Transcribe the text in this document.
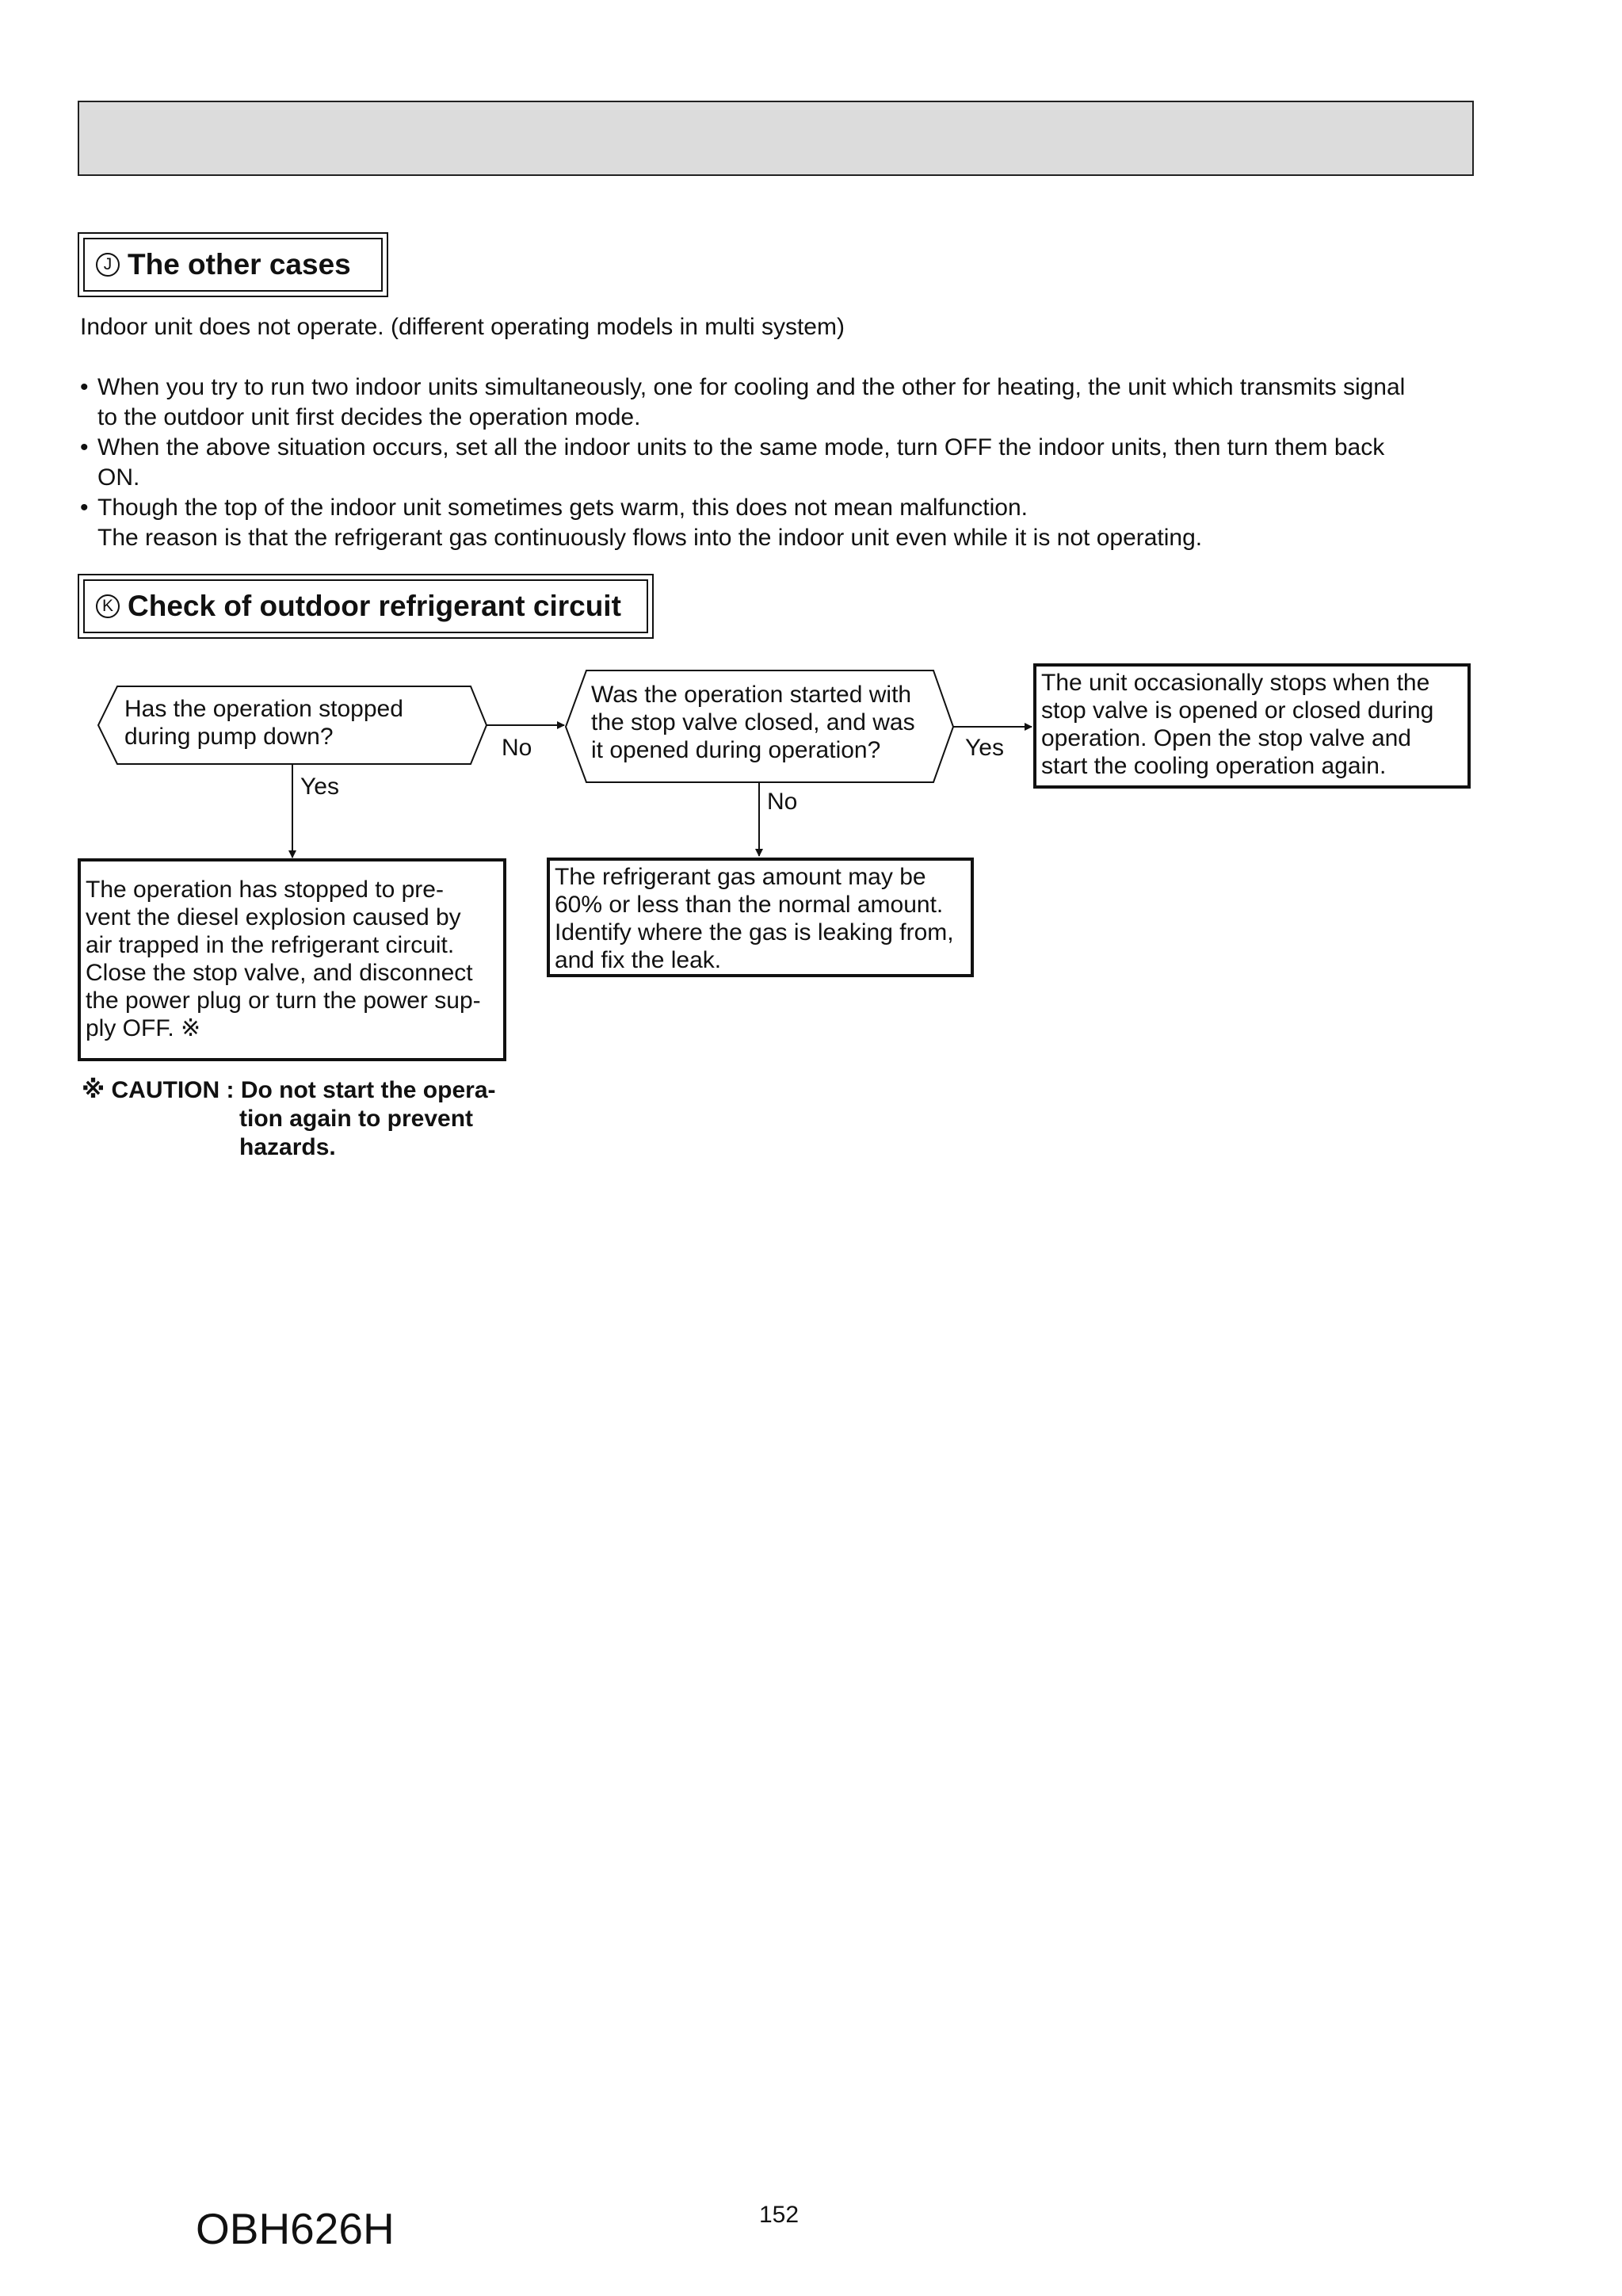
J The other cases
Indoor unit does not operate. (different operating models in multi system)
• When you try to run two indoor units simultaneously, one for cooling and the other for heating, the unit which transmits signal
to the outdoor unit first decides the operation mode.
• When the above situation occurs, set all the indoor units to the same mode, turn OFF the indoor units, then turn them back
ON.
• Though the top of the indoor unit sometimes gets warm, this does not mean malfunction.
The reason is that the refrigerant gas continuously flows into the indoor unit even while it is not operating.
K Check of outdoor refrigerant circuit
Has the operation stopped
during pump down?
Was the operation started with
the stop valve closed, and was
it opened during operation?
The operation has stopped to pre-
vent the diesel explosion caused by
air trapped in the refrigerant circuit.
Close the stop valve, and disconnect
the power plug or turn the power sup-
ply OFF. ※
The refrigerant gas amount may be
60% or less than the normal amount.
Identify where the gas is leaking from,
and fix the leak.
The unit occasionally stops when the
stop valve is opened or closed during
operation. Open the stop valve and
start the cooling operation again.
No
Yes
Yes
No
※ CAUTION : Do not start the opera-
tion again to prevent
hazards.
OBH626H	152
